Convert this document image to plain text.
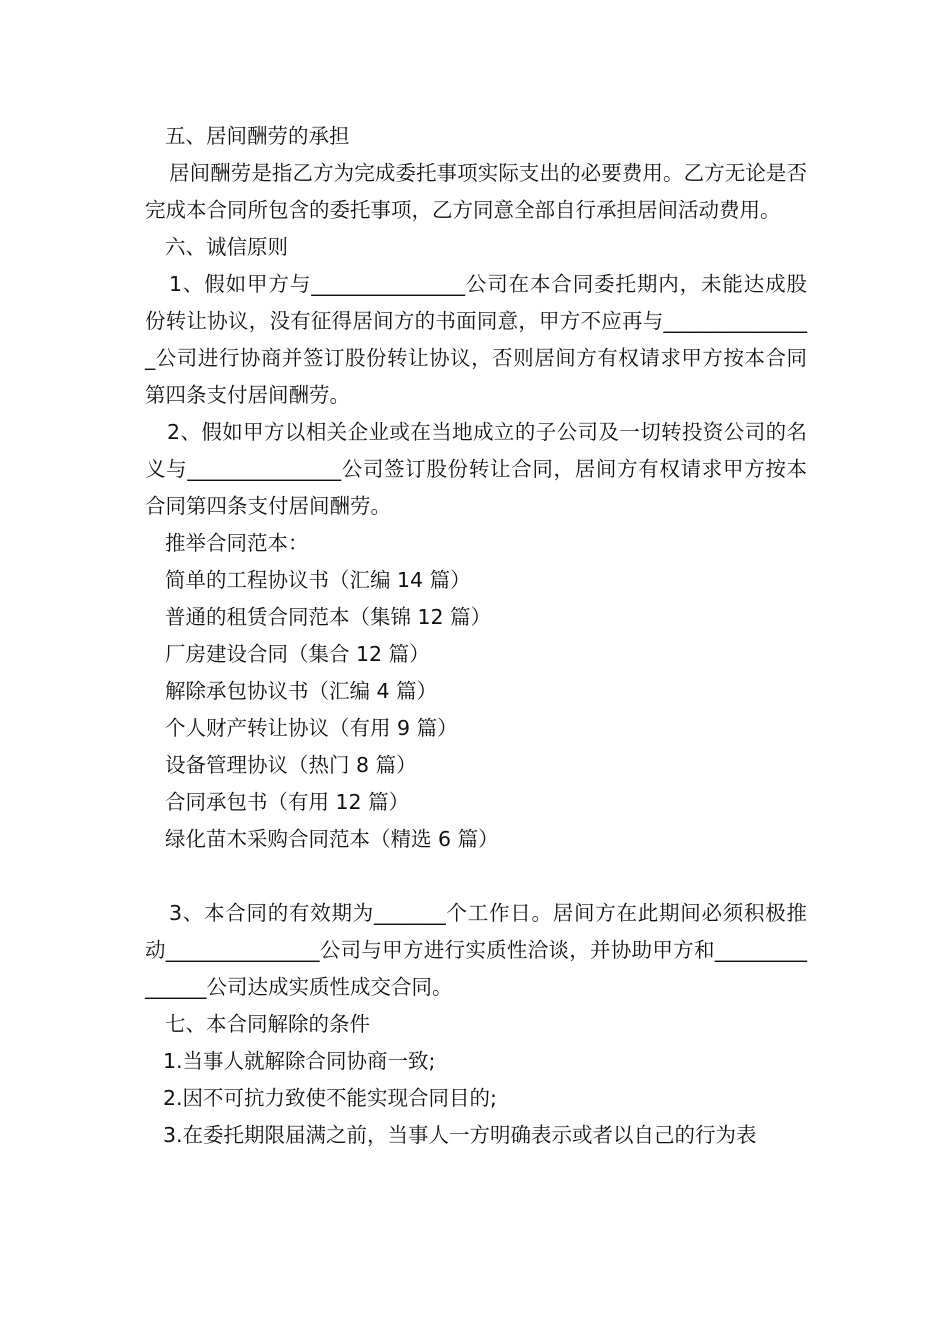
五、居间酬劳的承担

居间酬劳是指乙方为完成委托事项实际支出的必要费用。乙方无论是否完成本合同所包含的委托事项，乙方同意全部自行承担居间活动费用。

六、诚信原则

1、假如甲方与_______________公司在本合同委托期内，未能达成股份转让协议，没有征得居间方的书面同意，甲方不应再与_______________公司进行协商并签订股份转让协议，否则居间方有权请求甲方按本合同第四条支付居间酬劳。

2、假如甲方以相关企业或在当地成立的子公司及一切转投资公司的名义与_______________公司签订股份转让合同，居间方有权请求甲方按本合同第四条支付居间酬劳。

推举合同范本：

简单的工程协议书（汇编 14 篇）

普通的租赁合同范本（集锦 12 篇）

厂房建设合同（集合 12 篇）

解除承包协议书（汇编 4 篇）

个人财产转让协议（有用 9 篇）

设备管理协议（热门 8 篇）

合同承包书（有用 12 篇）

绿化苗木采购合同范本（精选 6 篇）

3、本合同的有效期为_______个工作日。居间方在此期间必须积极推动_______________公司与甲方进行实质性洽谈，并协助甲方和_______________公司达成实质性成交合同。

七、本合同解除的条件

1.当事人就解除合同协商一致;

2.因不可抗力致使不能实现合同目的;

3.在委托期限届满之前，当事人一方明确表示或者以自己的行为表
